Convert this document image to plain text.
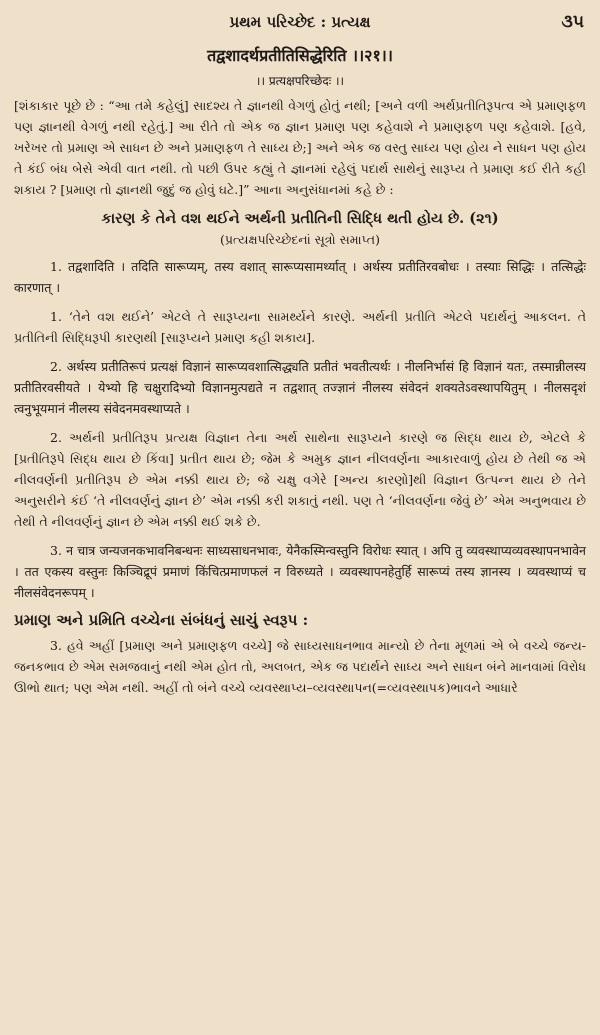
પ્રથમ પરિચ્છેદ : પ્રત્યક્ષ	૩૫
तद्वशादर्थप्रतीतिसिद्धेरिति ।।२१।।
।। प्रत्यक्षपरिच्छेदः ।।

[શંકાકાર પૂછે છે : “આ તમે કહેલું] સાદશ્ય તે જ્ઞાનથી વેગળું હોતું નથી; [અને વળી અર્થપ્રતીતિરૂપત્વ એ પ્રમાણફળ પણ જ્ઞાનથી વેગળું નથી રહેતું.] આ રીતે તો એક જ જ્ઞાન પ્રમાણ પણ કહેવાશે ને પ્રમાણફળ પણ કહેવાશે. [હવે, ખરેખર તો પ્રમાણ એ સાધન છે અને પ્રમાણફળ તે સાધ્ય છે;] અને એક જ વસ્તુ સાધ્ય પણ હોય ને સાધન પણ હોય તે કંઈ બંધ બેસે એવી વાત નથી. તો પછી ઉપર કહ્યું તે જ્ઞાનમાં રહેલું પદાર્થ સાથેનું સારૂપ્ય તે પ્રમાણ કઈ રીતે કહી શકાય ? [પ્રમાણ તો જ્ઞાનથી જુદું જ હોવું ઘટે.]” આના અનુસંધાનમાં કહે છે :

કારણ કે તેને વશ થઈને અર્થની પ્રતીતિની સિદ્ધિ થતી હોય છે. (૨૧)
(પ્રત્યક્ષપરિચ્છેદનાં સૂત્રો સમાપ્ત)

1. तद्वशादिति । तदिति सारूप्यम्, तस्य वशात् सारूप्यसामर्थ्यात् । अर्थस्य प्रतीतिरवबोधः । तस्याः सिद्धिः । तत्सिद्धेः कारणात् ।

1. ‘તેને વશ થઈને’ એટલે તે સારૂપ્યના સામર્થ્યને કારણે. અર્થની પ્રતીતિ એટલે પદાર્થનું આકલન. તે પ્રતીતિની સિદ્ધિરૂપી કારણથી [સારૂપ્યને પ્રમાણ કહી શકાય].

2. अर्थस्य प्रतीतिरूपं प्रत्यक्षं विज्ञानं सारूप्यवशात्सिद्ध्यति प्रतीतं भवतीत्यर्थः । नीलनिर्भासं हि विज्ञानं यतः, तस्मान्नीलस्य प्रतीतिरवसीयते । येभ्यो हि चक्षुरादिभ्यो विज्ञानमुत्पद्यते न तद्वशात् तज्ज्ञानं नीलस्य संवेदनं शक्यतेऽवस्थापयितुम् । नीलसदृशं त्वनुभूयमानं नीलस्य संवेदनमवस्थाप्यते ।

2. અર્થની પ્રતીતિરૂપ પ્રત્યક્ષ વિજ્ઞાન તેના અર્થ સાથેના સારૂપ્યને કારણે જ સિદ્ધ થાય છે, એટલે કે [પ્રતીતિરૂપે સિદ્ધ થાય છે કિંવા] પ્રતીત થાય છે; જેમ કે અમુક જ્ઞાન નીલવર્ણના આકારવાળું હોય છે તેથી જ એ નીલવર્ણની પ્રતીતિરૂપ છે એમ નક્કી થાય છે; જે ચક્ષુ વગેરે [અન્ય કારણો]થી વિજ્ઞાન ઉત્પન્ન થાય છે તેને અનુસરીને કંઈ ‘તે નીલવર્ણનું જ્ઞાન છે’ એમ નક્કી કરી શકાતું નથી. પણ તે ‘નીલવર્ણના જેવું છે’ એમ અનુભવાય છે તેથી તે નીલવર્ણનું જ્ઞાન છે એમ નક્કી થઈ શકે છે.

3. न चात्र जन्यजनकभावनिबन्धनः साध्यसाधनभावः, येनैकस्मिन्वस्तुनि विरोधः स्यात् । अपि तु व्यवस्थाप्यव्यवस्थापनभावेन । तत एकस्य वस्तुनः किञ्चिद्रूपं प्रमाणं किंचित्प्रमाणफलं न विरुध्यते । व्यवस्थापनहेतुर्हि सारूप्यं तस्य ज्ञानस्य । व्यवस्थाप्यं च नीलसंवेदनरूपम् ।

પ્રમાણ અને પ્રમિતિ વચ્ચેના સંબંધનું સાચું સ્વરૂપ :

3. હવે અહીં [પ્રમાણ અને પ્રમાણફળ વચ્ચે] જે સાધ્યસાધનભાવ માન્યો છે તેના મૂળમાં એ બે વચ્ચે જન્ય-જનકભાવ છે એમ સમજવાનું નથી એમ હોત તો, અલબત, એક જ પદાર્થને સાધ્ય અને સાધન બંને માનવામાં વિરોધ ઊભો થાત; પણ એમ નથી. અહીં તો બંને વચ્ચે વ્યવસ્થાપ્ય–વ્યવસ્થાપન(=વ્યવસ્થાપક)ભાવને આધારે
